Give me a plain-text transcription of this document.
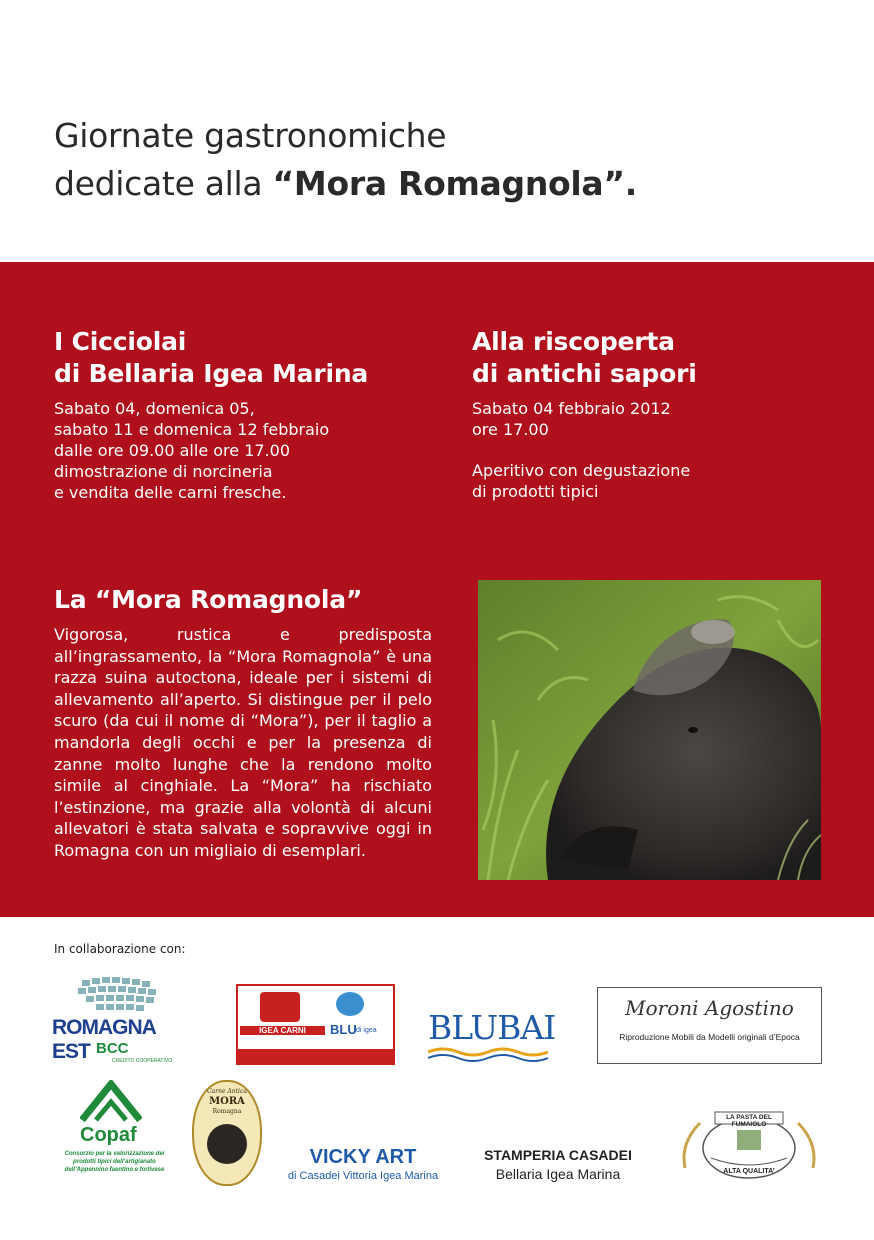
Giornate gastronomiche
dedicate alla “Mora Romagnola”.
I Cicciolai
di Bellaria Igea Marina
Sabato 04, domenica 05,
sabato 11 e domenica 12 febbraio
dalle ore 09.00 alle ore 17.00
dimostrazione di norcineria
e vendita delle carni fresche.
Alla riscoperta
di antichi sapori
Sabato 04 febbraio 2012
ore 17.00
Aperitivo con degustazione
di prodotti tipici
La “Mora Romagnola”
Vigorosa, rustica e predisposta all’ingrassamento, la “Mora Romagnola” è una razza suina autoctona, ideale per i sistemi di allevamento all’aperto. Si distingue per il pelo scuro (da cui il nome di “Mora”), per il taglio a mandorla degli occhi e per la presenza di zanne molto lunghe che la rendono molto simile al cinghiale. La “Mora” ha rischiato l’estinzione, ma grazie alla volontà di alcuni allevatori è stata salvata e sopravvive oggi in Romagna con un migliaio di esemplari.
In collaborazione con:
ROMAGNA EST BCC
CREDITO COOPERATIVO
IGEA CARNI	BLU di igea BLUBAI	Moroni Agostino
Riproduzione Mobili da Modelli originali d’Epoca
Copaf
Consorzio per la valorizzazione dei
prodotti tipici dell’artigianato
dell’Appennino faentino e forlivese
Carne Antica
MORA
Romagna
VICKY ART
di Casadei Vittoria Igea Marina
STAMPERIA CASADEI
Bellaria Igea Marina
LA PASTA DEL FUMAIOLO
ALTA QUALITA’
